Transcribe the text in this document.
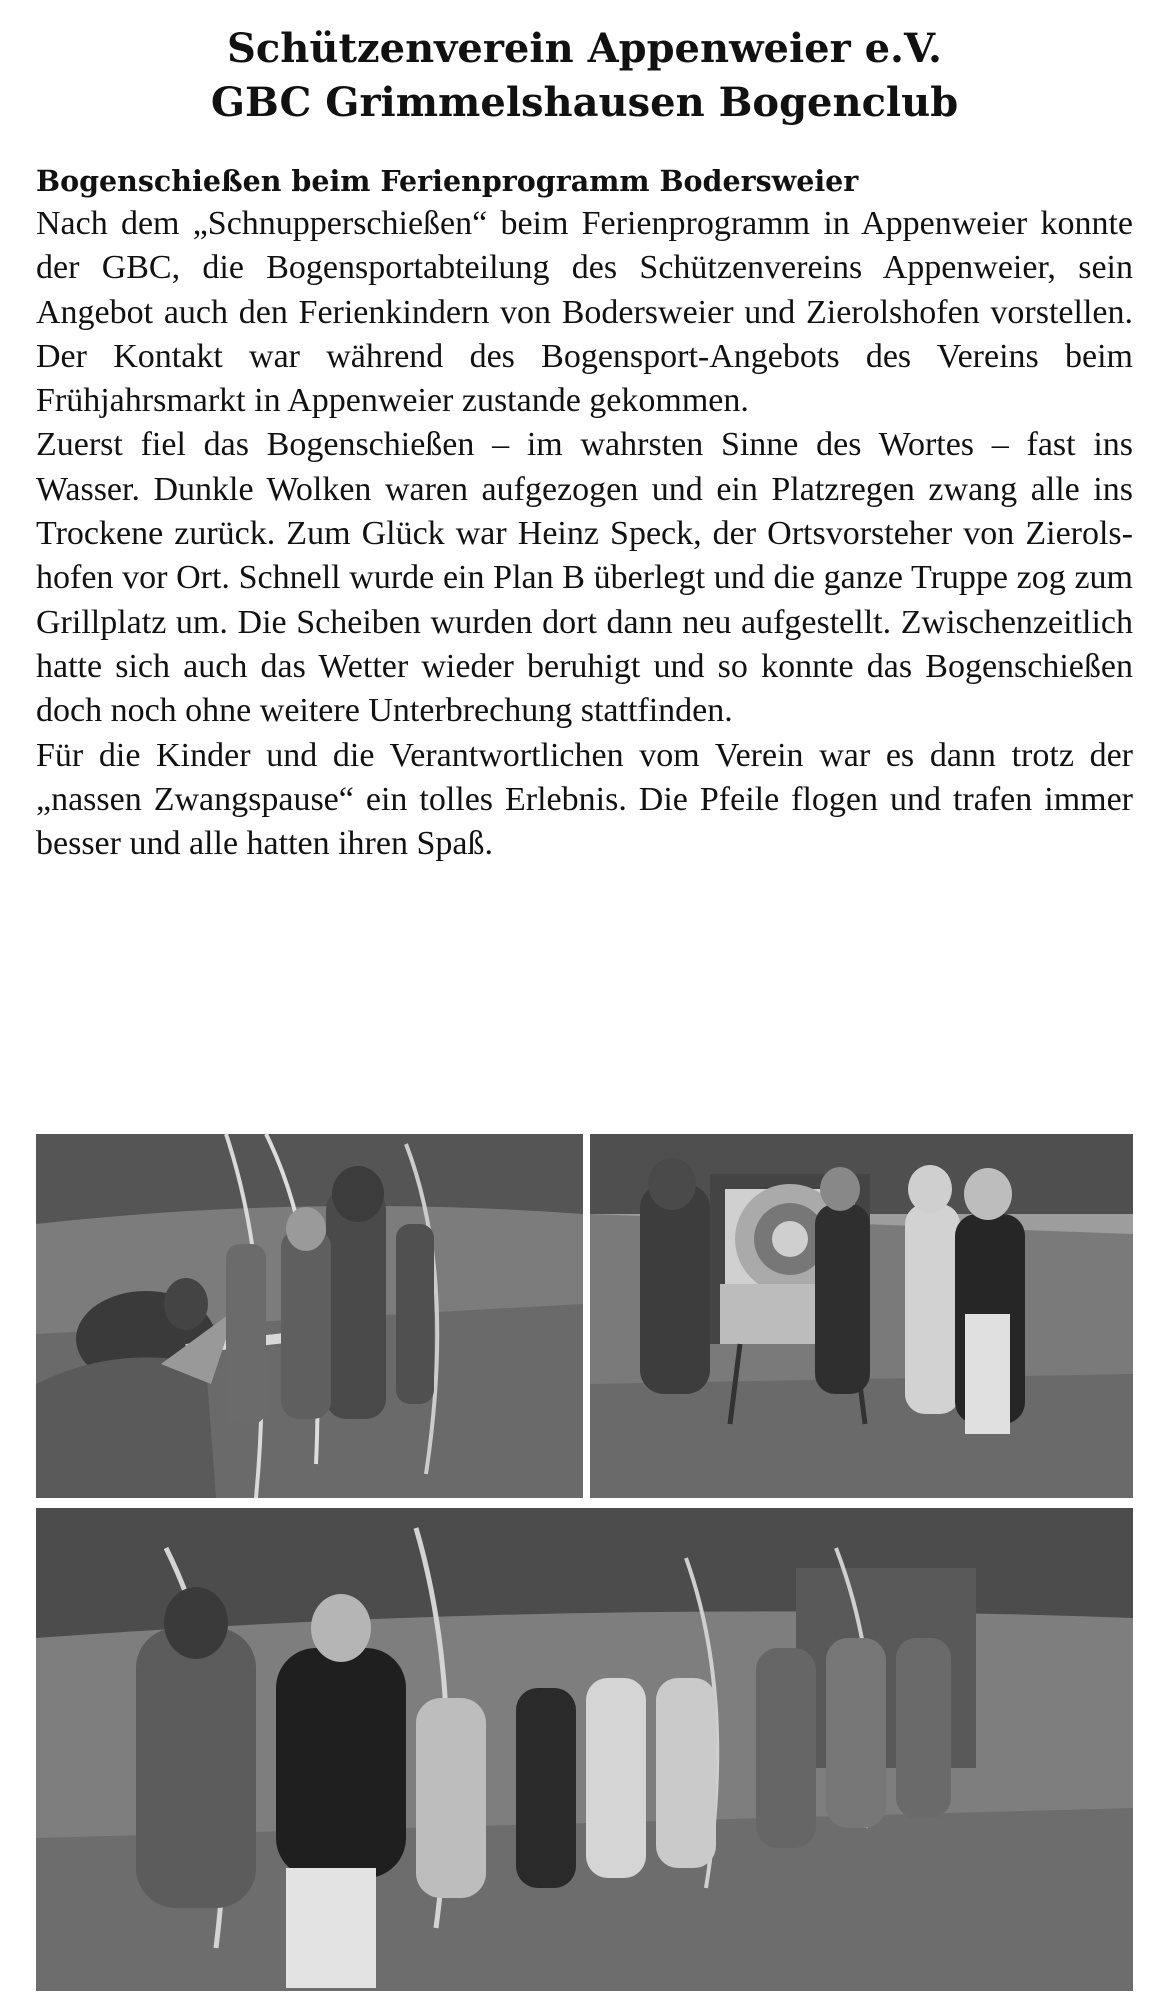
Schützenverein Appenweier e.V.
GBC Grimmelshausen Bogenclub
Bogenschießen beim Ferienprogramm Bodersweier

Nach dem „Schnupperschießen“ beim Ferienprogramm in Appenweier konnte der GBC, die Bogensportabteilung des Schützenvereins Appenweier, sein Angebot auch den Ferienkindern von Bodersweier und Zierolshofen vorstellen. Der Kontakt war während des Bogensport-Angebots des Vereins beim Frühjahrsmarkt in Appenweier zustande gekommen.

Zuerst fiel das Bogenschießen – im wahrsten Sinne des Wortes – fast ins Wasser. Dunkle Wolken waren aufgezogen und ein Platzregen zwang alle ins Trockene zurück. Zum Glück war Heinz Speck, der Ortsvorsteher von Zierolshofen vor Ort. Schnell wurde ein Plan B überlegt und die ganze Truppe zog zum Grillplatz um. Die Scheiben wurden dort dann neu aufgestellt. Zwischenzeitlich hatte sich auch das Wetter wieder beruhigt und so konnte das Bogenschießen doch noch ohne weitere Unterbrechung stattfinden.

Für die Kinder und die Verantwortlichen vom Verein war es dann trotz der „nassen Zwangspause“ ein tolles Erlebnis. Die Pfeile flogen und trafen immer besser und alle hatten ihren Spaß.
